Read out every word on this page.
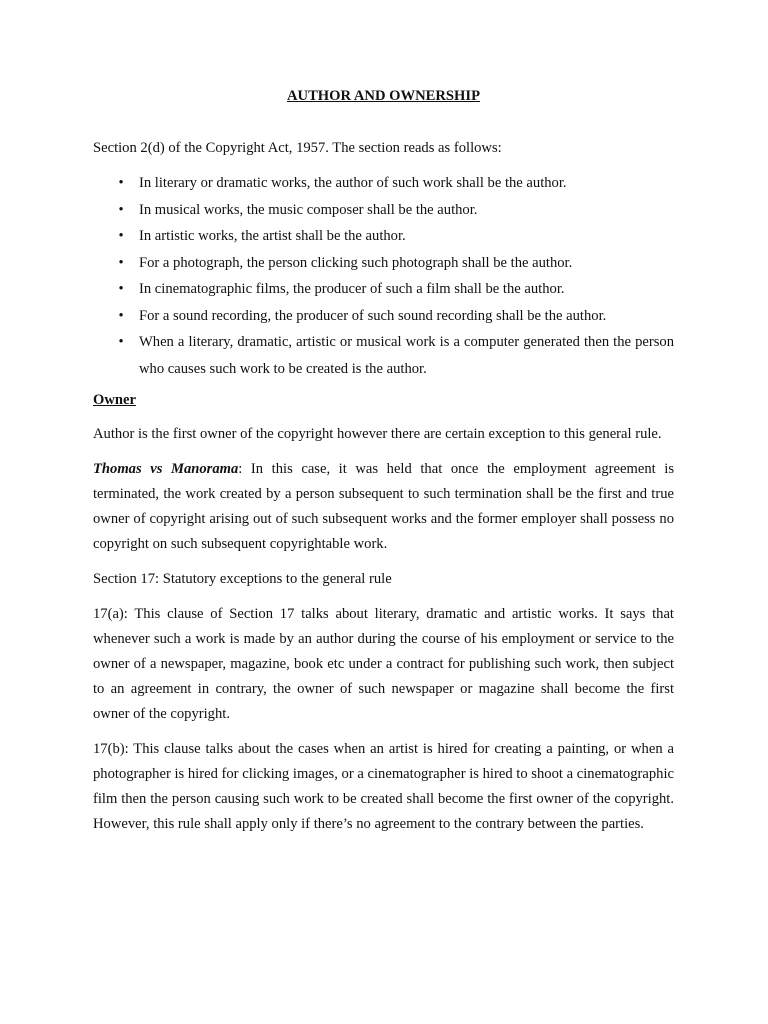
AUTHOR AND OWNERSHIP

Section 2(d) of the Copyright Act, 1957. The section reads as follows:

• In literary or dramatic works, the author of such work shall be the author.
• In musical works, the music composer shall be the author.
• In artistic works, the artist shall be the author.
• For a photograph, the person clicking such photograph shall be the author.
• In cinematographic films, the producer of such a film shall be the author.
• For a sound recording, the producer of such sound recording shall be the author.
• When a literary, dramatic, artistic or musical work is a computer generated then the person who causes such work to be created is the author.
Owner

Author is the first owner of the copyright however there are certain exception to this general rule.

Thomas vs Manorama: In this case, it was held that once the employment agreement is terminated, the work created by a person subsequent to such termination shall be the first and true owner of copyright arising out of such subsequent works and the former employer shall possess no copyright on such subsequent copyrightable work.

Section 17: Statutory exceptions to the general rule

17(a): This clause of Section 17 talks about literary, dramatic and artistic works. It says that whenever such a work is made by an author during the course of his employment or service to the owner of a newspaper, magazine, book etc under a contract for publishing such work, then subject to an agreement in contrary, the owner of such newspaper or magazine shall become the first owner of the copyright.

17(b): This clause talks about the cases when an artist is hired for creating a painting, or when a photographer is hired for clicking images, or a cinematographer is hired to shoot a cinematographic film then the person causing such work to be created shall become the first owner of the copyright. However, this rule shall apply only if there’s no agreement to the contrary between the parties.
